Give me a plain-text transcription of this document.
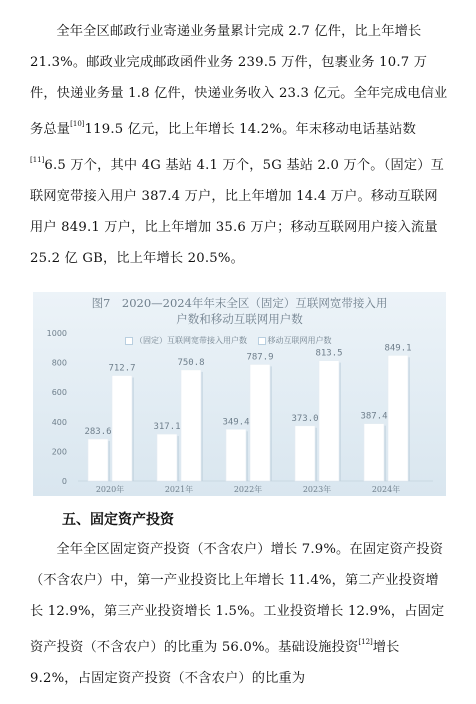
全年全区邮政行业寄递业务量累计完成 2.7 亿件，比上年增长 21.3%。邮政业完成邮政函件业务 239.5 万件，包裹业务 10.7 万件，快递业务量 1.8 亿件，快递业务收入 23.3 亿元。全年完成电信业务总量[10]119.5 亿元，比上年增长 14.2%。年末移动电话基站数[11]6.5 万个，其中 4G 基站 4.1 万个，5G 基站 2.0 万个。（固定）互联网宽带接入用户 387.4 万户，比上年增加 14.4 万户。移动互联网用户 849.1 万户，比上年增加 35.6 万户；移动互联网用户接入流量 25.2 亿 GB，比上年增长 20.5%。
图7　2020—2024年年末全区（固定）互联网宽带接入用
户数和移动互联网用户数
（固定）互联网宽带接入用户数	移动互联网用户数
0
200
400
600
800
1000
283.6
712.7
2020年
317.1
750.8
2021年
349.4
787.9
2022年
373.0
813.5
2023年
387.4
849.1
2024年
五、固定资产投资
全年全区固定资产投资（不含农户）增长 7.9%。在固定资产投资（不含农户）中，第一产业投资比上年增长 11.4%，第二产业投资增长 12.9%，第三产业投资增长 1.5%。工业投资增长 12.9%，占固定资产投资（不含农户）的比重为 56.0%。基础设施投资[12]增长 9.2%，占固定资产投资（不含农户）的比重为
